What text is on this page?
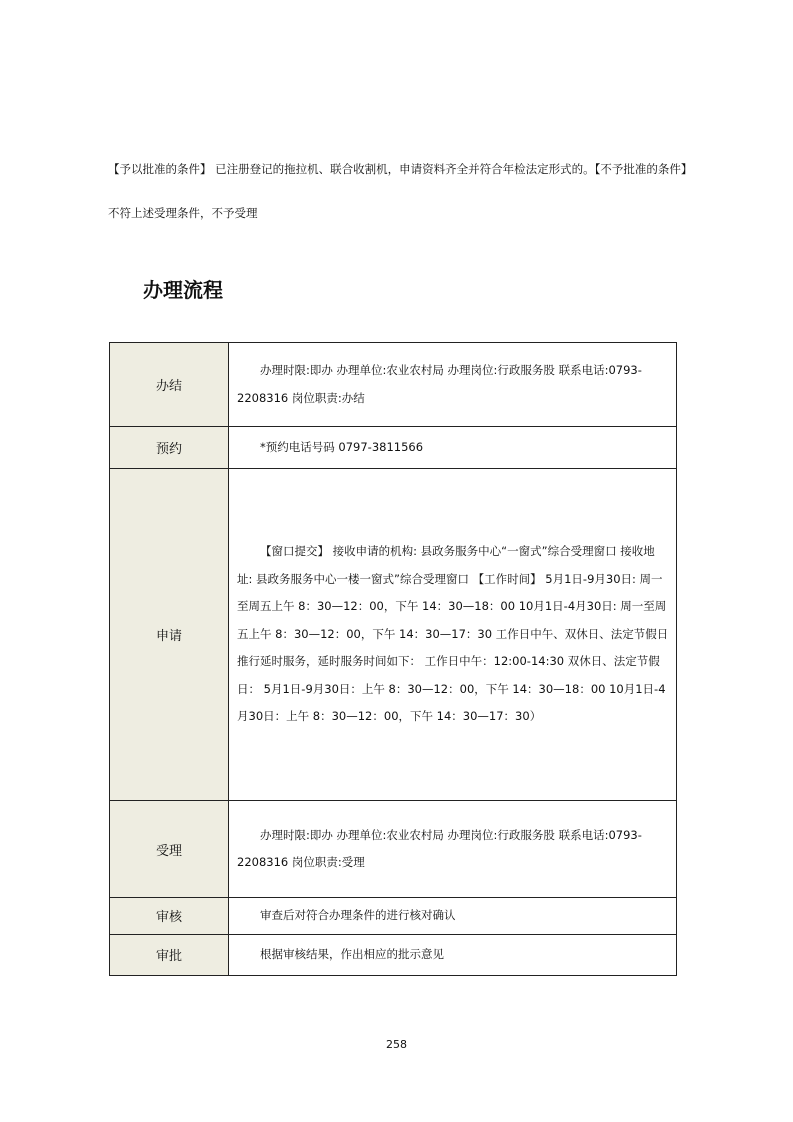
【予以批准的条件】 已注册登记的拖拉机、联合收割机，申请资料齐全并符合年检法定形式的。【不予批准的条件】 不符上述受理条件，不予受理

办理流程
办结	办理时限:即办 办理单位:农业农村局 办理岗位:行政服务股 联系电话:0793-2208316 岗位职责:办结

预约	*预约电话号码 0797-3811566

申请	【窗口提交】 接收申请的机构: 县政务服务中心“一窗式”综合受理窗口 接收地址: 县政务服务中心一楼一窗式”综合受理窗口 【工作时间】 5月1日-9月30日: 周一至周五上午 8：30—12：00，下午 14：30—18：00 10月1日-4月30日: 周一至周五上午 8：30—12：00，下午 14：30—17：30 工作日中午、双休日、法定节假日推行延时服务，延时服务时间如下： 工作日中午：12:00-14:30 双休日、法定节假日： 5月1日-9月30日：上午 8：30—12：00，下午 14：30—18：00 10月1日-4月30日：上午 8：30—12：00，下午 14：30—17：30）

受理	办理时限:即办 办理单位:农业农村局 办理岗位:行政服务股 联系电话:0793-2208316 岗位职责:受理

审核	审查后对符合办理条件的进行核对确认

审批	根据审核结果，作出相应的批示意见

258
